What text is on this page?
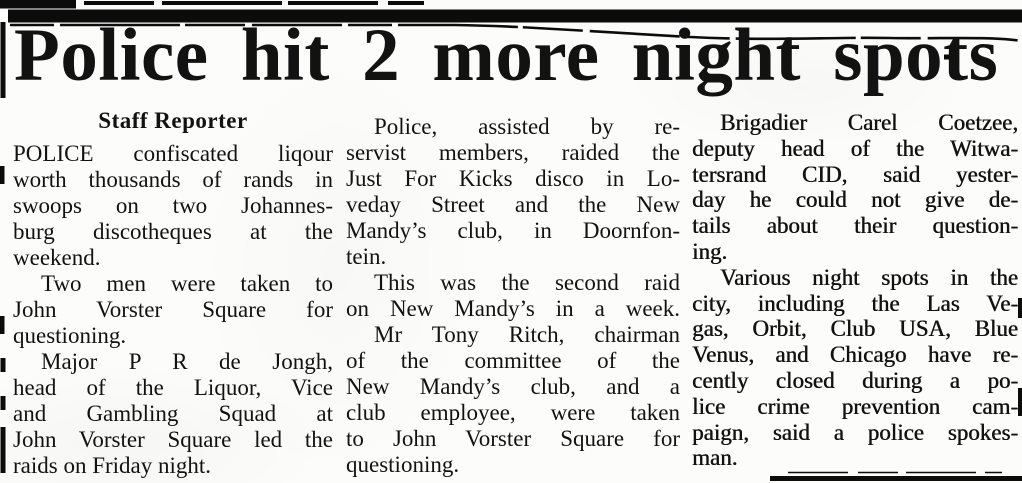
Police hit 2 more night spots
Staff Reporter
POLICE confiscated liqour
worth thousands of rands in
swoops on two Johannes-
burg discotheques at the
weekend.
Two men were taken to
John Vorster Square for
questioning.
Major P R de Jongh,
head of the Liquor, Vice
and Gambling Squad at
John Vorster Square led the
raids on Friday night.
Police, assisted by re-
servist members, raided the
Just For Kicks disco in Lo-
veday Street and the New
Mandy’s club, in Doornfon-
tein.
This was the second raid
on New Mandy’s in a week.
Mr Tony Ritch, chairman
of the committee of the
New Mandy’s club, and a
club employee, were taken
to John Vorster Square for
questioning.
Brigadier Carel Coetzee,
deputy head of the Witwa-
tersrand CID, said yester-
day he could not give de-
tails about their question-
ing.
Various night spots in the
city, including the Las Ve-
gas, Orbit, Club USA, Blue
Venus, and Chicago have re-
cently closed during a po-
lice crime prevention cam-
paign, said a police spokes-
man.
